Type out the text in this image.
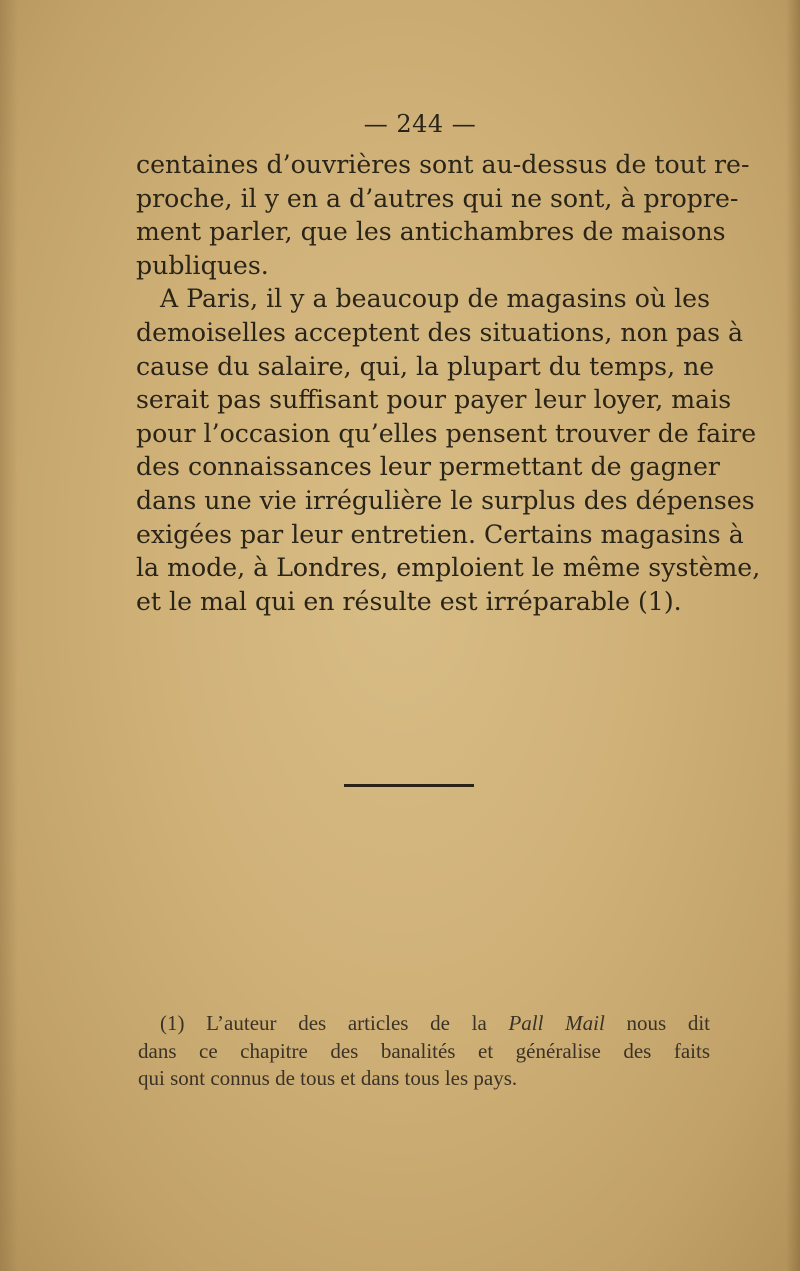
— 244 —
centaines d’ouvrières sont au-dessus de tout re-
proche, il y en a d’autres qui ne sont, à propre-
ment parler, que les antichambres de maisons
publiques.
A Paris, il y a beaucoup de magasins où les
demoiselles acceptent des situations, non pas à
cause du salaire, qui, la plupart du temps, ne
serait pas suffisant pour payer leur loyer, mais
pour l’occasion qu’elles pensent trouver de faire
des connaissances leur permettant de gagner
dans une vie irrégulière le surplus des dépenses
exigées par leur entretien. Certains magasins à
la mode, à Londres, emploient le même système,
et le mal qui en résulte est irréparable (1).
(1) L’auteur des articles de la Pall Mail nous dit
dans ce chapitre des banalités et généralise des faits
qui sont connus de tous et dans tous les pays.
